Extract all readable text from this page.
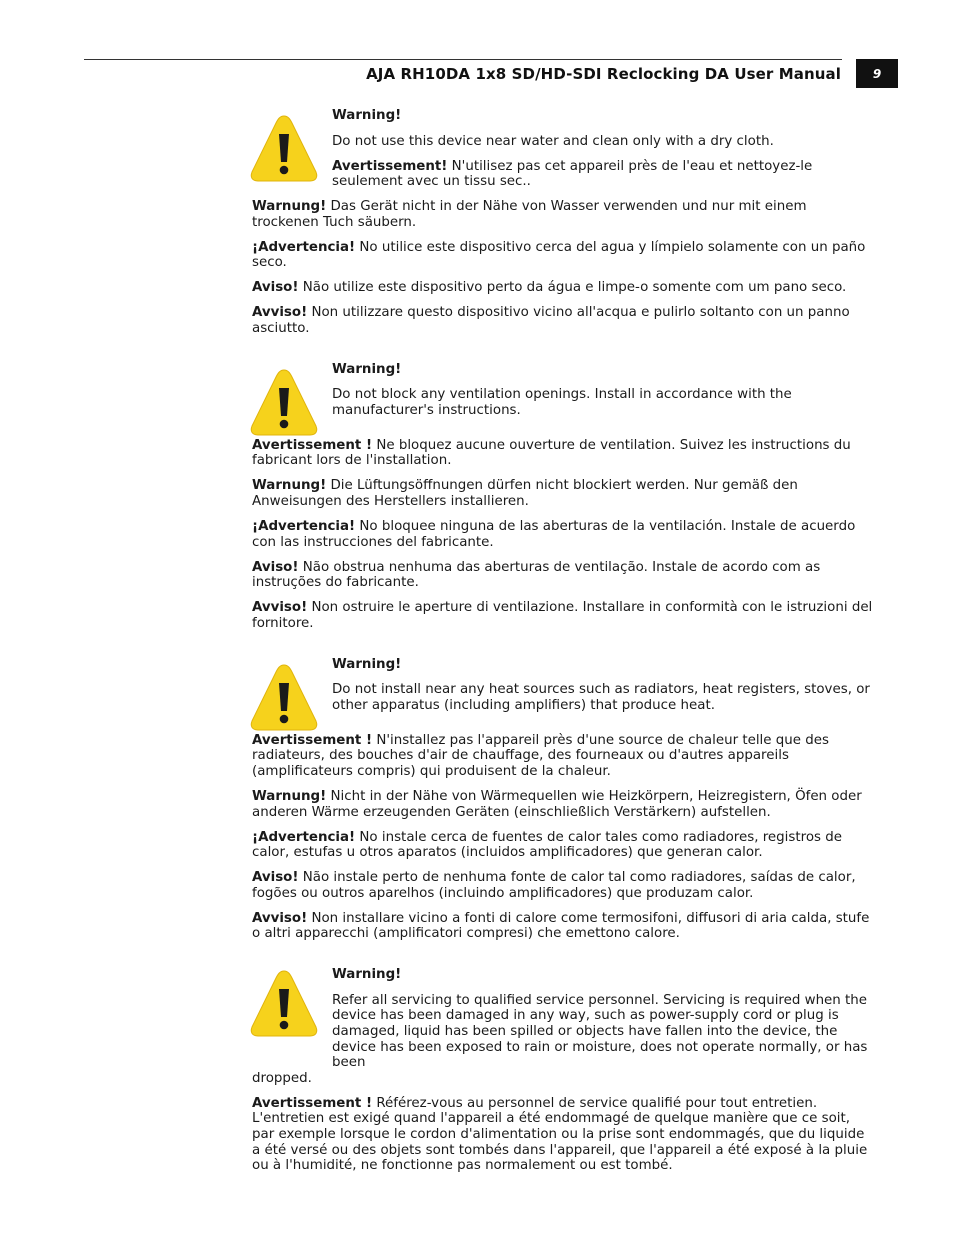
AJA RH10DA 1x8 SD/HD-SDI Reclocking DA User Manual	9

Warning!

Do not use this device near water and clean only with a dry cloth.

Avertissement! N'utilisez pas cet appareil près de l'eau et nettoyez-le seulement avec un tissu sec..

Warnung! Das Gerät nicht in der Nähe von Wasser verwenden und nur mit einem trockenen Tuch säubern.

¡Advertencia! No utilice este dispositivo cerca del agua y límpielo solamente con un paño seco.

Aviso! Não utilize este dispositivo perto da água e limpe-o somente com um pano seco.

Avviso! Non utilizzare questo dispositivo vicino all'acqua e pulirlo soltanto con un panno asciutto.

Warning!

Do not block any ventilation openings. Install in accordance with the manufacturer's instructions.

Avertissement ! Ne bloquez aucune ouverture de ventilation. Suivez les instructions du fabricant lors de l'installation.

Warnung! Die Lüftungsöffnungen dürfen nicht blockiert werden. Nur gemäß den Anweisungen des Herstellers installieren.

¡Advertencia! No bloquee ninguna de las aberturas de la ventilación. Instale de acuerdo con las instrucciones del fabricante.

Aviso! Não obstrua nenhuma das aberturas de ventilação. Instale de acordo com as instruções do fabricante.

Avviso! Non ostruire le aperture di ventilazione. Installare in conformità con le istruzioni del fornitore.

Warning!

Do not install near any heat sources such as radiators, heat registers, stoves, or other apparatus (including amplifiers) that produce heat.

Avertissement ! N'installez pas l'appareil près d'une source de chaleur telle que des radiateurs, des bouches d'air de chauffage, des fourneaux ou d'autres appareils (amplificateurs compris) qui produisent de la chaleur.

Warnung! Nicht in der Nähe von Wärmequellen wie Heizkörpern, Heizregistern, Öfen oder anderen Wärme erzeugenden Geräten (einschließlich Verstärkern) aufstellen.

¡Advertencia! No instale cerca de fuentes de calor tales como radiadores, registros de calor, estufas u otros aparatos (incluidos amplificadores) que generan calor.

Aviso! Não instale perto de nenhuma fonte de calor tal como radiadores, saídas de calor, fogões ou outros aparelhos (incluindo amplificadores) que produzam calor.

Avviso! Non installare vicino a fonti di calore come termosifoni, diffusori di aria calda, stufe o altri apparecchi (amplificatori compresi) che emettono calore.

Warning!

Refer all servicing to qualified service personnel. Servicing is required when the device has been damaged in any way, such as power-supply cord or plug is damaged, liquid has been spilled or objects have fallen into the device, the device has been exposed to rain or moisture, does not operate normally, or has been

dropped.

Avertissement ! Référez-vous au personnel de service qualifié pour tout entretien. L'entretien est exigé quand l'appareil a été endommagé de quelque manière que ce soit, par exemple lorsque le cordon d'alimentation ou la prise sont endommagés, que du liquide a été versé ou des objets sont tombés dans l'appareil, que l'appareil a été exposé à la pluie ou à l'humidité, ne fonctionne pas normalement ou est tombé.
